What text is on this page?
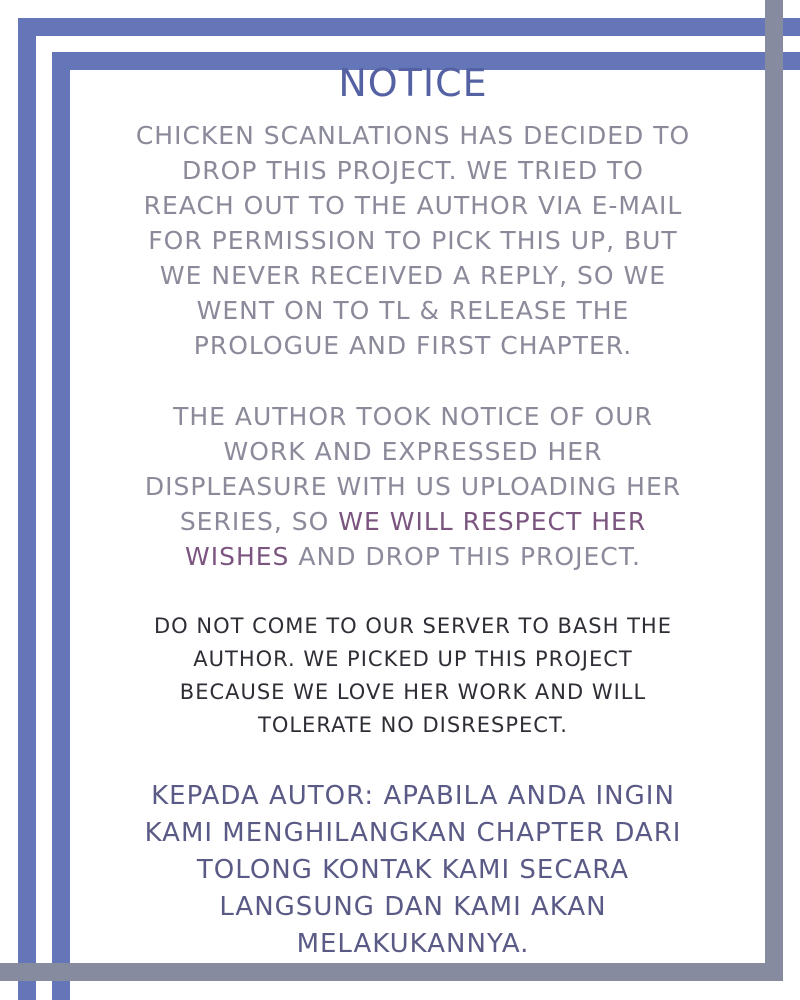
NOTICE

CHICKEN SCANLATIONS HAS DECIDED TO DROP THIS PROJECT. WE TRIED TO REACH OUT TO THE AUTHOR VIA E-MAIL FOR PERMISSION TO PICK THIS UP, BUT WE NEVER RECEIVED A REPLY, SO WE WENT ON TO TL & RELEASE THE PROLOGUE AND FIRST CHAPTER.

THE AUTHOR TOOK NOTICE OF OUR WORK AND EXPRESSED HER DISPLEASURE WITH US UPLOADING HER SERIES, SO WE WILL RESPECT HER WISHES AND DROP THIS PROJECT.

DO NOT COME TO OUR SERVER TO BASH THE AUTHOR. WE PICKED UP THIS PROJECT BECAUSE WE LOVE HER WORK AND WILL TOLERATE NO DISRESPECT.

KEPADA AUTOR: APABILA ANDA INGIN KAMI MENGHILANGKAN CHAPTER DARI TOLONG KONTAK KAMI SECARA LANGSUNG DAN KAMI AKAN MELAKUKANNYA.
